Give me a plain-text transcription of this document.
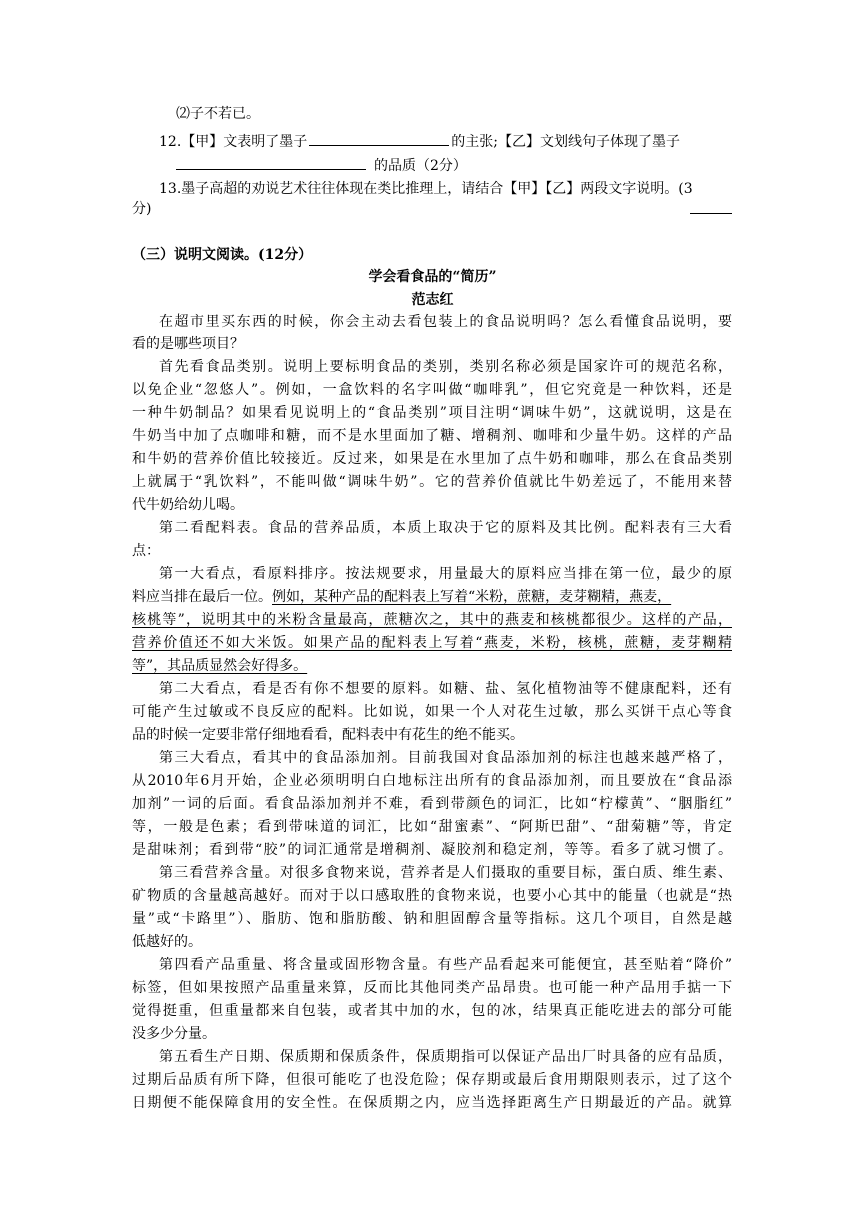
⑵子不若已。
12.【甲】文表明了墨子	的主张;【乙】文划线句子体现了墨子
的品质（2分）
13.墨子高超的劝说艺术往往体现在类比推理上，请结合【甲】【乙】两段文字说明。(3
分)
（三）说明文阅读。(12分）
学会看食品的“简历”
范志红
在超市里买东西的时候，你会主动去看包装上的食品说明吗？怎么看懂食品说明，要
看的是哪些项目？
首先看食品类别。说明上要标明食品的类别，类别名称必须是国家许可的规范名称，
以免企业“忽悠人”。例如，一盒饮料的名字叫做“咖啡乳”，但它究竟是一种饮料，还是
一种牛奶制品？如果看见说明上的“食品类别”项目注明“调味牛奶”，这就说明，这是在
牛奶当中加了点咖啡和糖，而不是水里面加了糖、增稠剂、咖啡和少量牛奶。这样的产品
和牛奶的营养价值比较接近。反过来，如果是在水里加了点牛奶和咖啡，那么在食品类别
上就属于“乳饮料”，不能叫做“调味牛奶”。它的营养价值就比牛奶差远了，不能用来替
代牛奶给幼儿喝。
第二看配料表。食品的营养品质，本质上取决于它的原料及其比例。配料表有三大看
点：
第一大看点，看原料排序。按法规要求，用量最大的原料应当排在第一位，最少的原
料应当排在最后一位。例如，某种产品的配料表上写着“米粉，蔗糖，麦芽糊精，燕麦，
核桃等”，说明其中的米粉含量最高，蔗糖次之，其中的燕麦和核桃都很少。这样的产品，
营养价值还不如大米饭。如果产品的配料表上写着“燕麦，米粉，核桃，蔗糖，麦芽糊精
等”，其品质显然会好得多。
第二大看点，看是否有你不想要的原料。如糖、盐、氢化植物油等不健康配料，还有
可能产生过敏或不良反应的配料。比如说，如果一个人对花生过敏，那么买饼干点心等食
品的时候一定要非常仔细地看看，配料表中有花生的绝不能买。
第三大看点，看其中的食品添加剂。目前我国对食品添加剂的标注也越来越严格了，
从2010年6月开始，企业必须明明白白地标注出所有的食品添加剂，而且要放在“食品添
加剂”一词的后面。看食品添加剂并不难，看到带颜色的词汇，比如“柠檬黄”、“胭脂红”
等，一般是色素；看到带味道的词汇，比如“甜蜜素”、“阿斯巴甜”、“甜菊糖”等，肯定
是甜味剂；看到带“胶”的词汇通常是增稠剂、凝胶剂和稳定剂，等等。看多了就习惯了。
第三看营养含量。对很多食物来说，营养者是人们摄取的重要目标，蛋白质、维生素、
矿物质的含量越高越好。而对于以口感取胜的食物来说，也要小心其中的能量（也就是“热
量”或“卡路里”）、脂肪、饱和脂肪酸、钠和胆固醇含量等指标。这几个项目，自然是越
低越好的。
第四看产品重量、将含量或固形物含量。有些产品看起来可能便宜，甚至贴着“降价”
标签，但如果按照产品重量来算，反而比其他同类产品昂贵。也可能一种产品用手掂一下
觉得挺重，但重量都来自包装，或者其中加的水，包的冰，结果真正能吃进去的部分可能
没多少分量。
第五看生产日期、保质期和保质条件，保质期指可以保证产品出厂时具备的应有品质，
过期后品质有所下降，但很可能吃了也没危险；保存期或最后食用期限则表示，过了这个
日期便不能保障食用的安全性。在保质期之内，应当选择距离生产日期最近的产品。就算
